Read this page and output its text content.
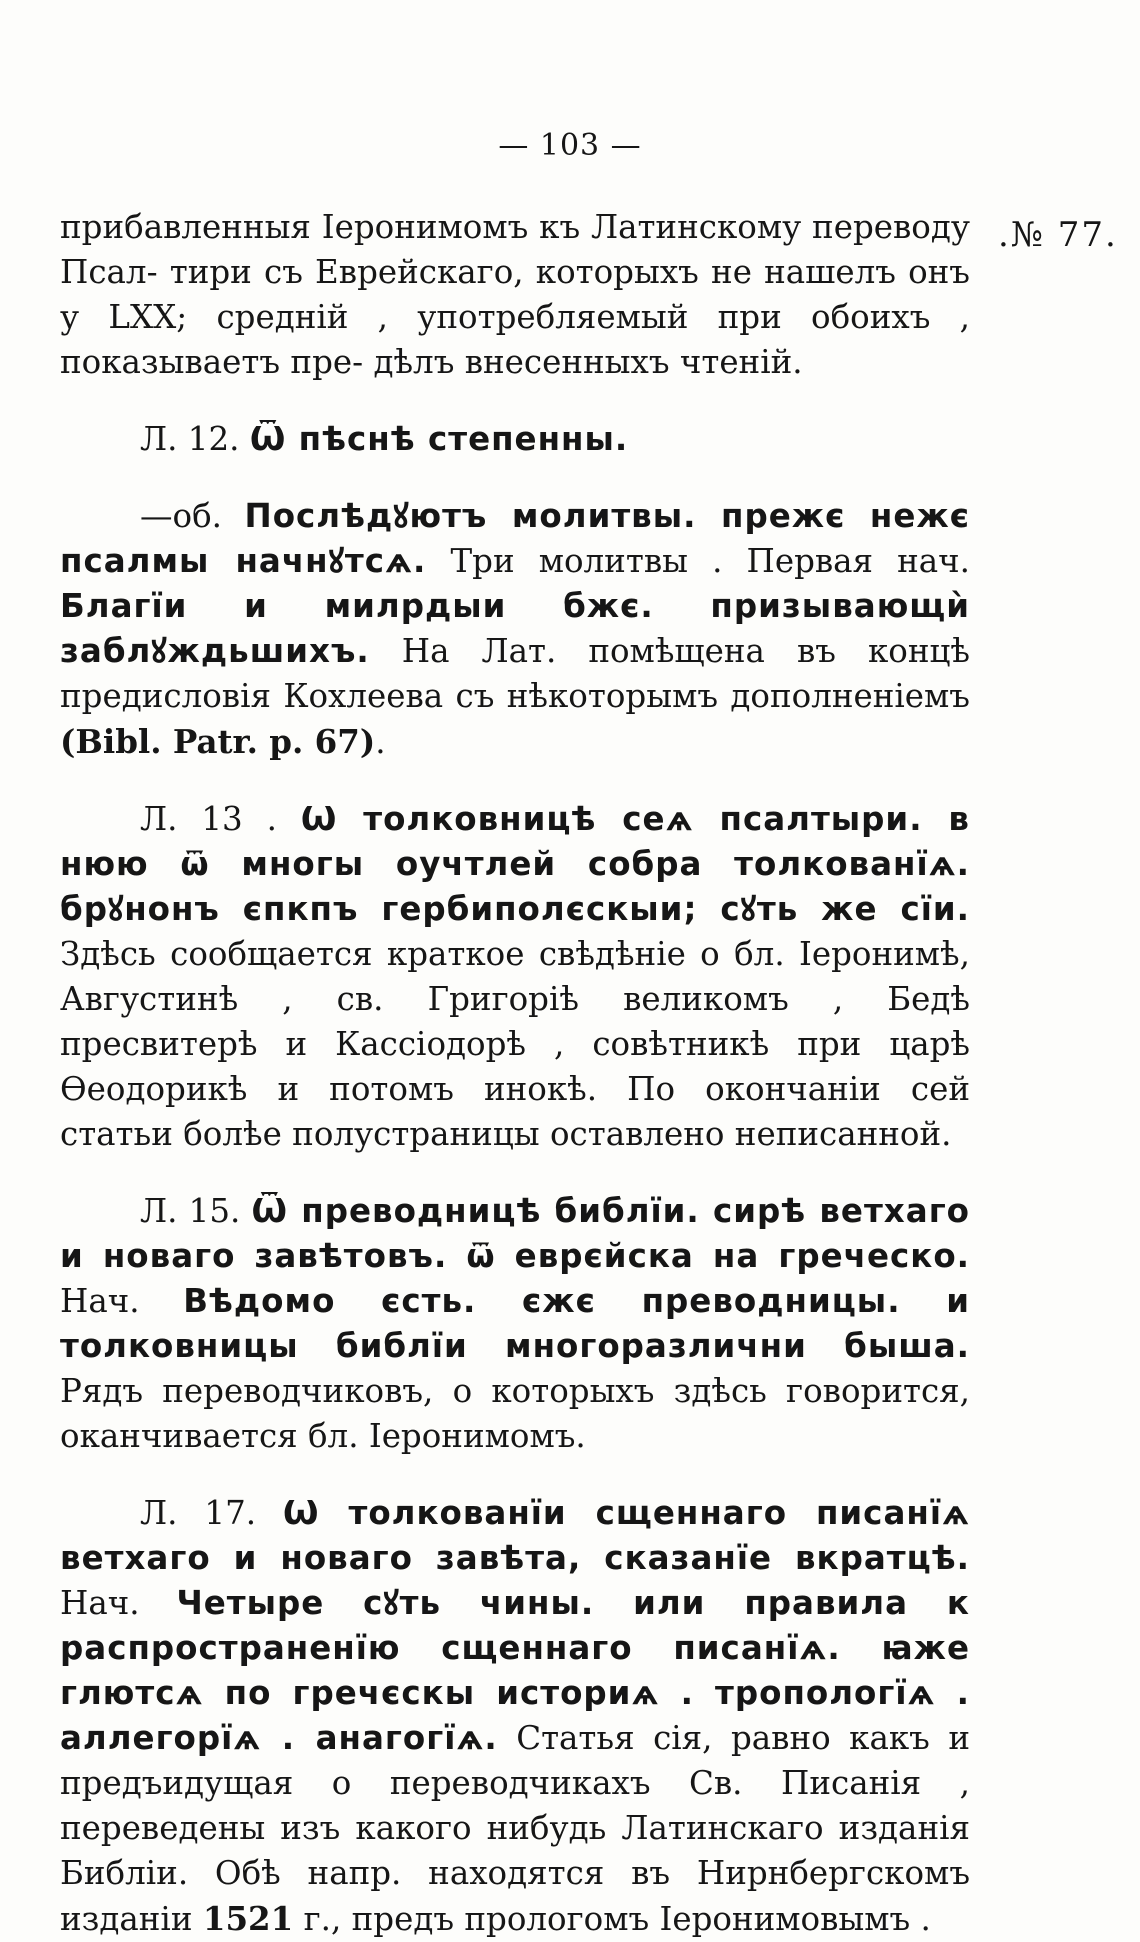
— 103 —
.№ 77.

прибавленныя Іеронимомъ къ Латинскому переводу Псал- тири съ Еврейскаго, которыхъ не нашелъ онъ у LXX; средній , употребляемый при обоихъ , показываетъ пре- дѣлъ внесенныхъ чтеній.

Л. 12. Ѿ пѣснѣ степенны.

—об. Послѣдꙋютъ молитвы. прежє нежє псалмы начнꙋтсѧ. Три молитвы . Первая нач. Благїи и милрдыи бжє. призывающѝ заблꙋждьшихъ. На Лат. помѣщена въ концѣ предисловія Кохлеева съ нѣкоторымъ дополненіемъ (Bibl. Patr. p. 67).

Л. 13 . Ѡ толковницѣ сеѧ псалтыри. в нюю ѿ многы оучтлей собра толкованїѧ. брꙋнонъ єпкпъ гербиполєскыи; сꙋть же сїи. Здѣсь сообщается краткое свѣдѣніе о бл. Іеронимѣ, Августинѣ , св. Григоріѣ великомъ , Бедѣ пресвитерѣ и Кассіодорѣ , совѣтникѣ при царѣ Ѳеодорикѣ и потомъ инокѣ. По окончаніи сей статьи болѣе полустраницы оставлено неписанной.

Л. 15. Ѿ преводницѣ библїи. сирѣ ветхаго и новаго завѣтовъ. ѿ еврєйска на греческо. Нач. Вѣдомо єсть. єжє преводницы. и толковницы библїи многоразлични быша. Рядъ переводчиковъ, о которыхъ здѣсь говорится, оканчивается бл. Іеронимомъ.

Л. 17. Ѡ толкованїи сщеннаго писанїѧ ветхаго и новаго завѣта, сказанїе вкратцѣ. Нач. Четыре сꙋть чины. или правила к распространенїю сщеннаго писанїѧ. ꙗже глютсѧ по гречєскы историѧ . тропологїѧ . аллегорїѧ . анагогїѧ. Статья сія, равно какъ и предъидущая о переводчикахъ Св. Писанія , переведены изъ какого нибудь Латинскаго изданія Библіи. Обѣ напр. находятся въ Нирнбергскомъ изданіи 1521 г., предъ прологомъ Іеронимовымъ .
